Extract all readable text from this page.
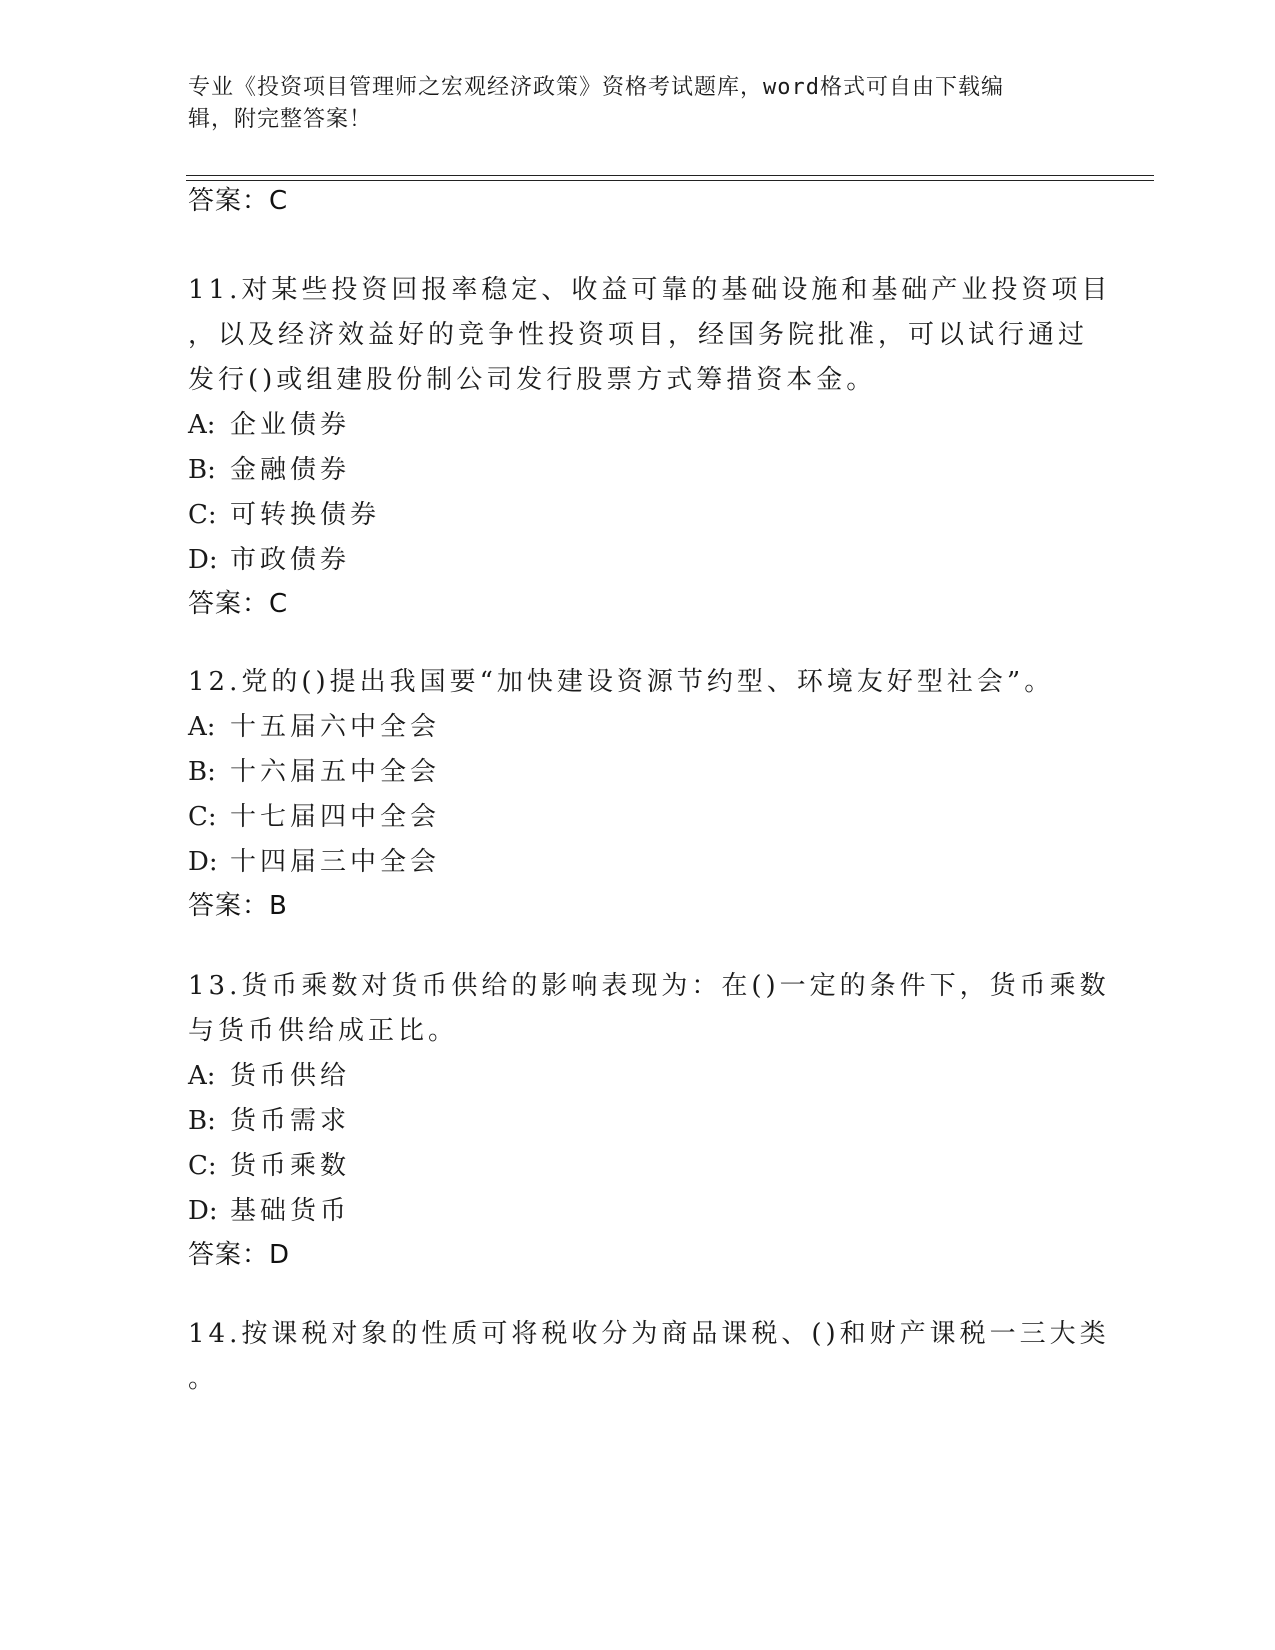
专业《投资项目管理师之宏观经济政策》资格考试题库，word格式可自由下载编
辑，附完整答案！
答案：C
11.对某些投资回报率稳定、收益可靠的基础设施和基础产业投资项目
，以及经济效益好的竞争性投资项目，经国务院批准，可以试行通过
发行()或组建股份制公司发行股票方式筹措资本金。
A: 企业债券
B: 金融债券
C: 可转换债券
D: 市政债券
答案：C
12.党的()提出我国要“加快建设资源节约型、环境友好型社会”。
A: 十五届六中全会
B: 十六届五中全会
C: 十七届四中全会
D: 十四届三中全会
答案：B
13.货币乘数对货币供给的影响表现为：在()一定的条件下，货币乘数
与货币供给成正比。
A: 货币供给
B: 货币需求
C: 货币乘数
D: 基础货币
答案：D
14.按课税对象的性质可将税收分为商品课税、()和财产课税一三大类
。
